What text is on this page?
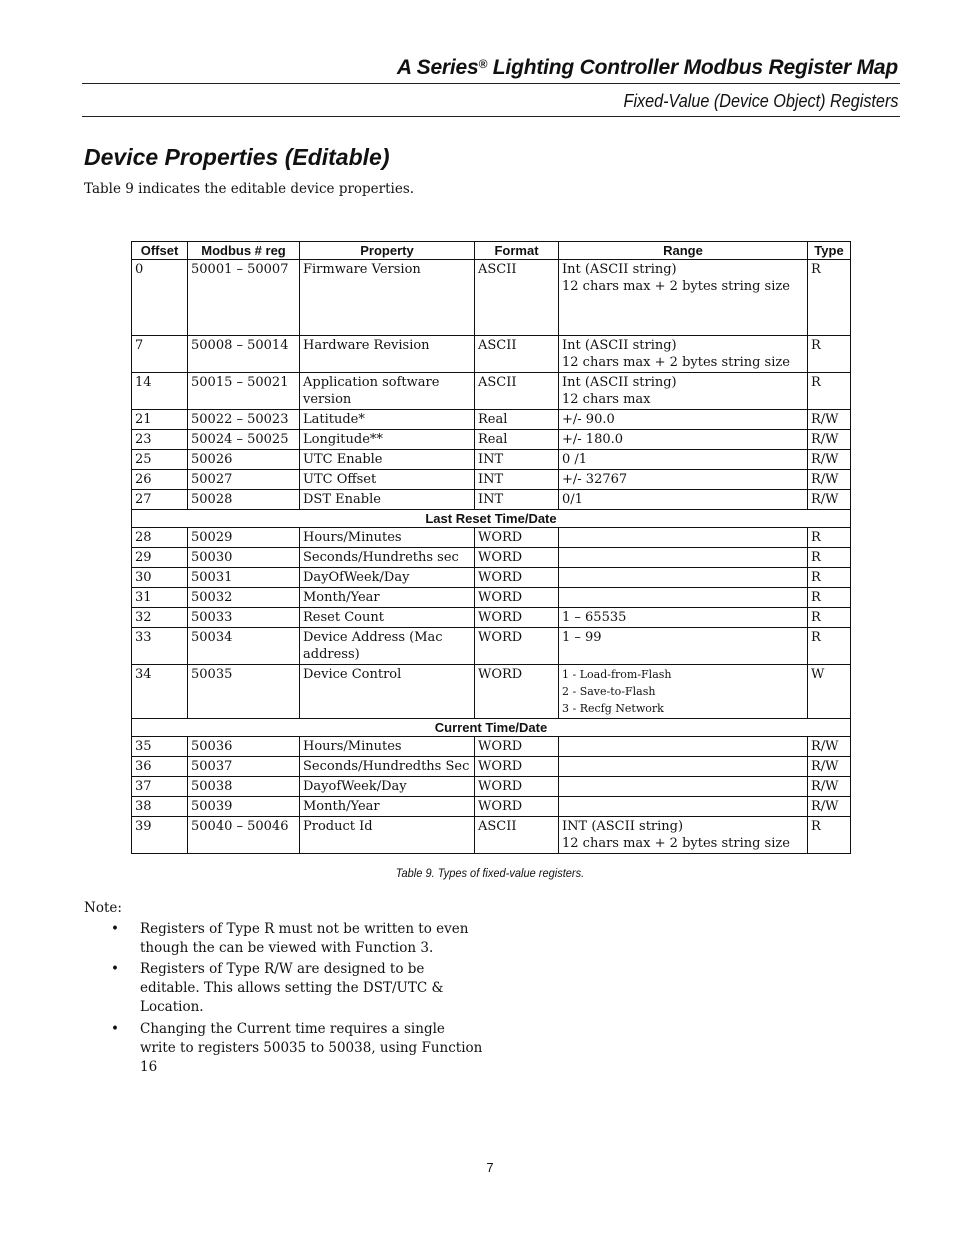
A Series® Lighting Controller Modbus Register Map
Fixed-Value (Device Object) Registers
Device Properties (Editable)
Table 9 indicates the editable device properties.
Offset	Modbus # reg	Property	Format	Range	Type
0	50001 – 50007	Firmware Version	ASCII	Int (ASCII string)
12 chars max + 2 bytes string size	R
7	50008 – 50014	Hardware Revision	ASCII	Int (ASCII string)
12 chars max + 2 bytes string size	R
14	50015 – 50021	Application software version	ASCII	Int (ASCII string)
12 chars max	R
21	50022 – 50023	Latitude*	Real	+/- 90.0	R/W
23	50024 – 50025	Longitude**	Real	+/- 180.0	R/W
25	50026	UTC Enable	INT	0 /1	R/W
26	50027	UTC Offset	INT	+/- 32767	R/W
27	50028	DST Enable	INT	0/1	R/W
Last Reset Time/Date					
28	50029	Hours/Minutes	WORD		R
29	50030	Seconds/Hundreths sec	WORD		R
30	50031	DayOfWeek/Day	WORD		R
31	50032	Month/Year	WORD		R
32	50033	Reset Count	WORD	1 – 65535	R
33	50034	Device Address (Mac address)	WORD	1 – 99	R
34	50035	Device Control	WORD	1 - Load-from-Flash
2 - Save-to-Flash
3 - Recfg Network	W
Current Time/Date					
35	50036	Hours/Minutes	WORD		R/W
36	50037	Seconds/Hundredths Sec	WORD		R/W
37	50038	DayofWeek/Day	WORD		R/W
38	50039	Month/Year	WORD		R/W
39	50040 – 50046	Product Id	ASCII	INT (ASCII string)
12 chars max + 2 bytes string size	R
Table 9. Types of fixed-value registers.
Note:
• Registers of Type R must not be written to even though the can be viewed with Function 3.
• Registers of Type R/W are designed to be editable. This allows setting the DST/UTC & Location.
• Changing the Current time requires a single write to registers 50035 to 50038, using Function 16
7
